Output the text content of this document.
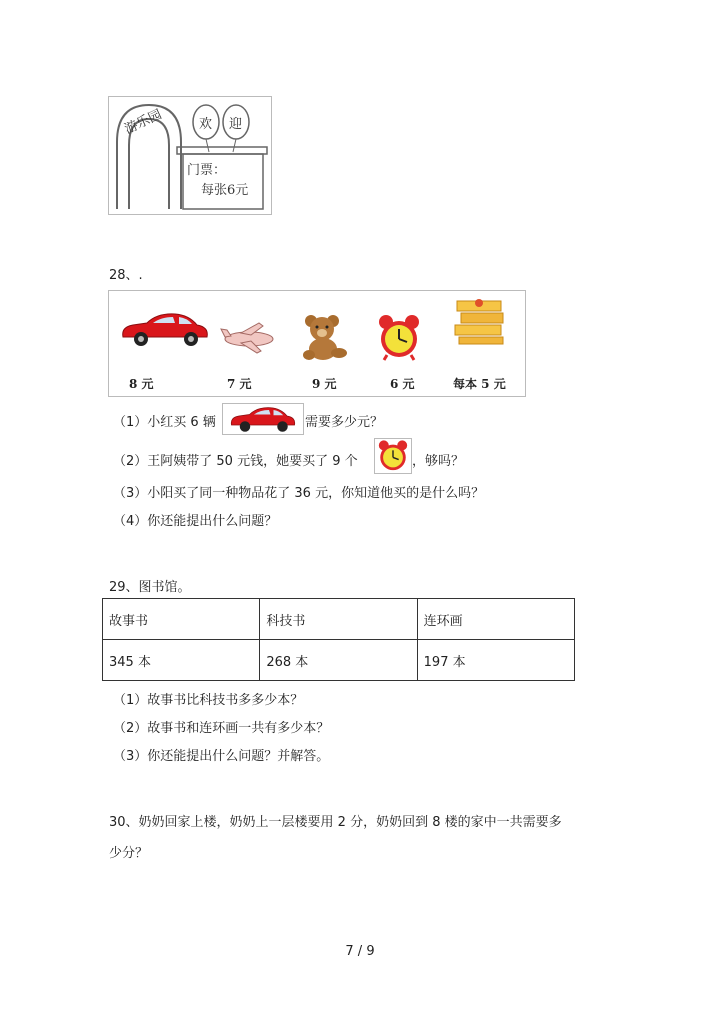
游乐园	欢 迎
门票：
每张6元
28、.
8 元	7 元	9 元	6 元	每本 5 元
（1）小红买 6 辆	需要多少元？
（2）王阿姨带了 50 元钱，她要买了 9 个	，够吗？
（3）小阳买了同一种物品花了 36 元，你知道他买的是什么吗？
（4）你还能提出什么问题？
29、图书馆。
故事书	科技书	连环画
345 本	268 本	197 本
（1）故事书比科技书多多少本？
（2）故事书和连环画一共有多少本？
（3）你还能提出什么问题？并解答。
30、奶奶回家上楼，奶奶上一层楼要用 2 分，奶奶回到 8 楼的家中一共需要多
少分？
7 / 9
